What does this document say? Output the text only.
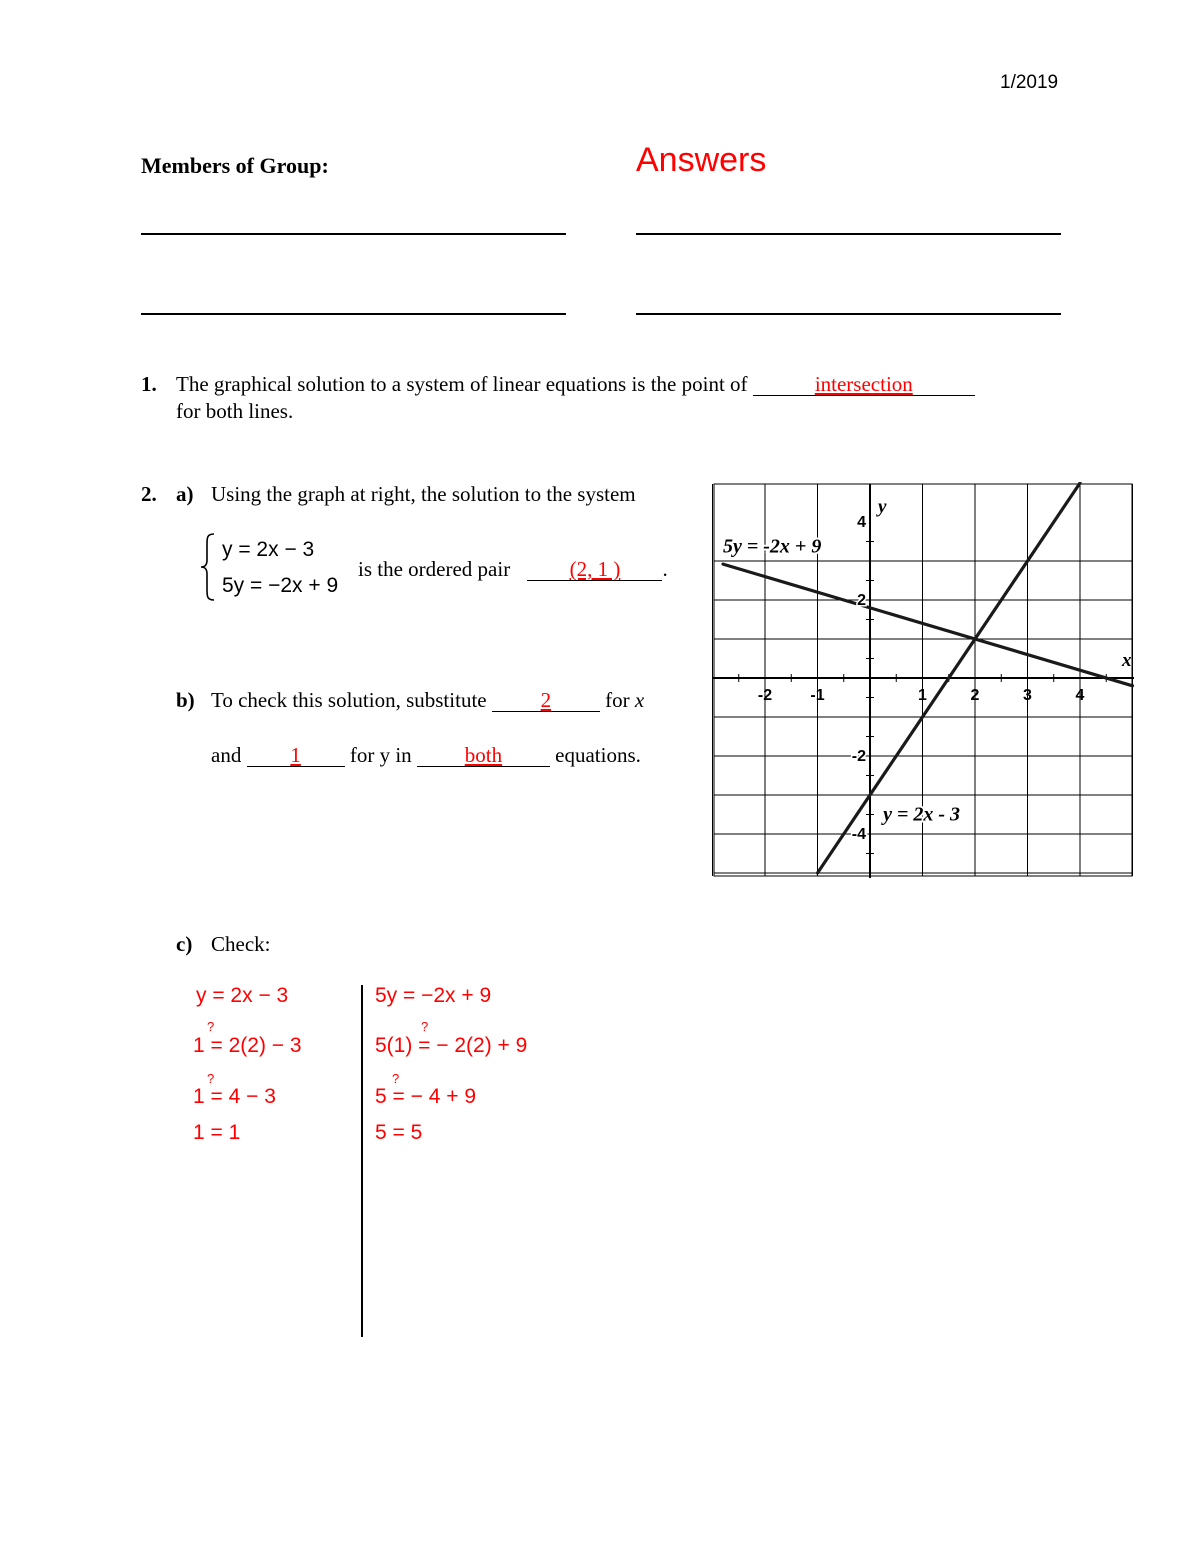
1/2019
Members of Group:	Answers
1. The graphical solution to a system of linear equations is the point of	intersection
for both lines.
2. a) Using the graph at right, the solution to the system
y = 2x − 3
5y = −2x + 9
is the ordered pair	(2, 1 ) .
b) To check this solution, substitute	2	for x
and 1 for y in	both	equations.
-2 -1	1	2	3	4
4
2
-2
-4
x
y
5y = -2x + 9
y = 2x - 3
c) Check:
y = 2x − 3
1 = 2(2) − 3
1 = 4 − 3
1 = 1
?
?
5y = −2x + 9
5(1) = − 2(2) + 9
5 = − 4 + 9
5 = 5
?
?
